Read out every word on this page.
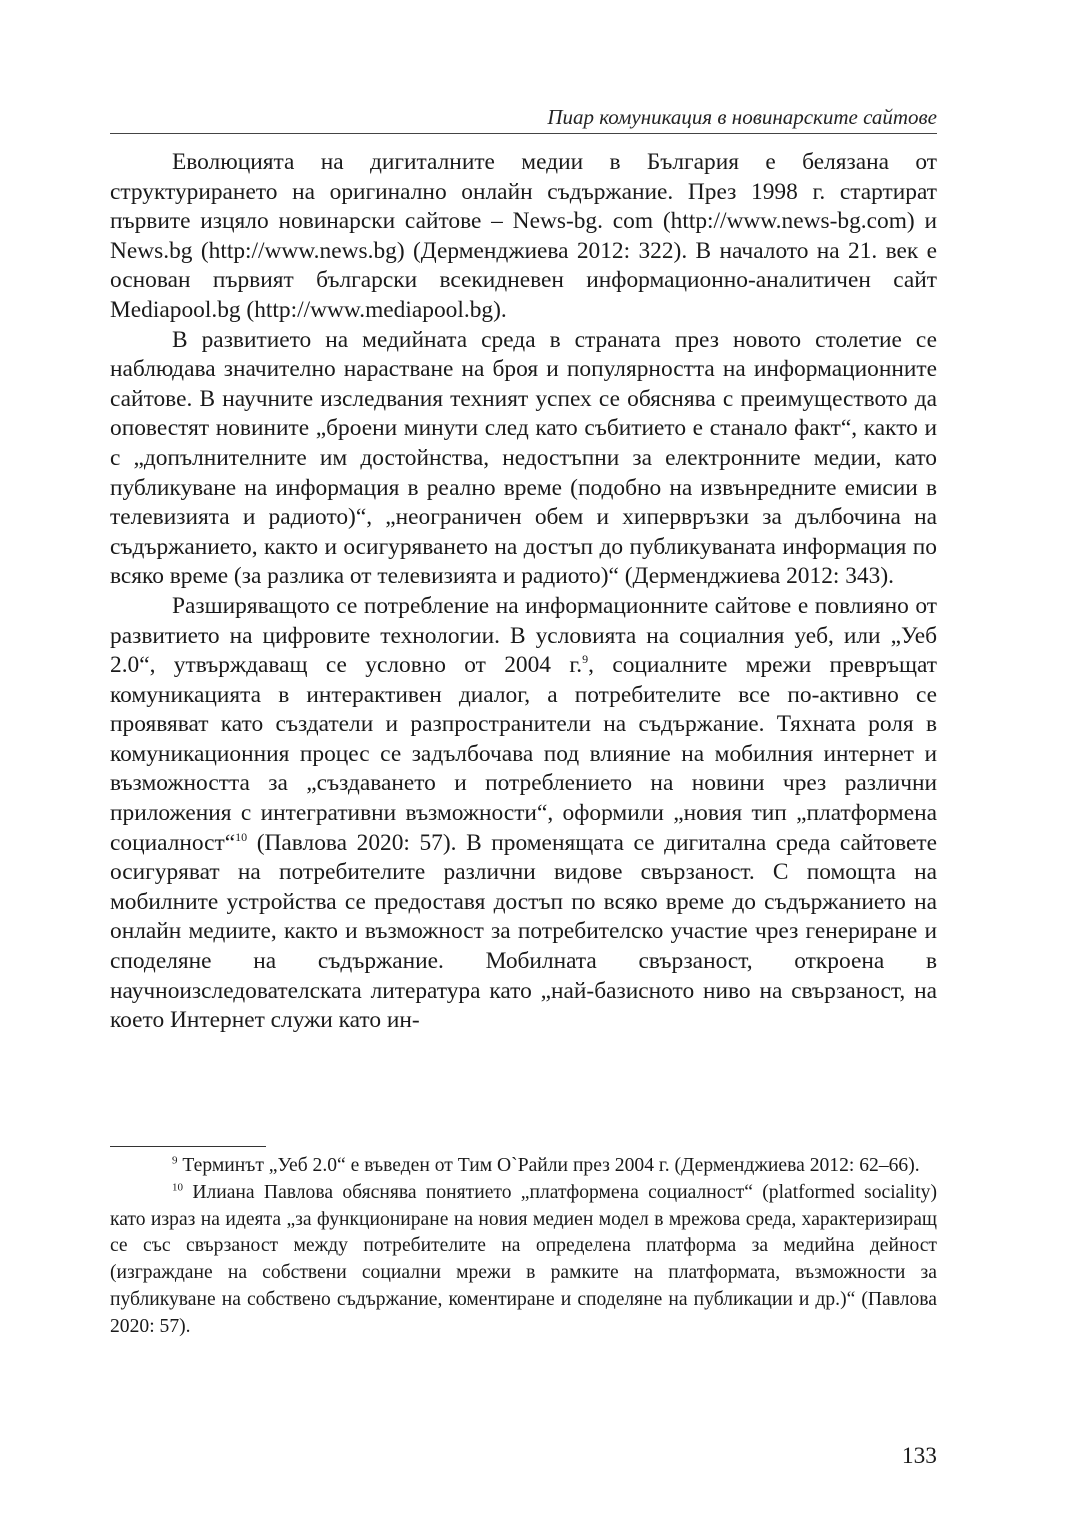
Пиар комуникация в новинарските сайтове

Еволюцията на дигиталните медии в България е белязана от структурирането на оригинално онлайн съдържание. През 1998 г. стартират първите изцяло новинарски сайтове – News-bg. com (http://www.news-bg.com) и News.bg (http://www.news.bg) (Дерменджиева 2012: 322). В началото на 21. век е основан първият български всекидневен информационно-аналитичен сайт Mediapool.bg (http://www.mediapool.bg).

В развитието на медийната среда в страната през новото столетие се наблюдава значително нарастване на броя и популярността на информационните сайтове. В научните изследвания техният успех се обяснява с преимуществото да оповестят новините „броени минути след като събитието е станало факт“, както и с „допълнителните им достойнства, недостъпни за електронните медии, като публикуване на информация в реално време (подобно на извънредните емисии в телевизията и радиото)“, „неограничен обем и хипервръзки за дълбочина на съдържанието, както и осигуряването на достъп до публикуваната информация по всяко време (за разлика от телевизията и радиото)“ (Дерменджиева 2012: 343).

Разширяващото се потребление на информационните сайтове е повлияно от развитието на цифровите технологии. В условията на социалния уеб, или „Уеб 2.0“, утвърждаващ се условно от 2004 г.$^9$, социалните мрежи превръщат комуникацията в интерактивен диалог, а потребителите все по-активно се проявяват като създатели и разпространители на съдържание. Тяхната роля в комуникационния процес се задълбочава под влияние на мобилния интернет и възможността за „създаването и потреблението на новини чрез различни приложения с интегративни възможности“, оформили „новия тип „платформена социалност“$^{10}$ (Павлова 2020: 57). В променящата се дигитална среда сайтовете осигуряват на потребителите различни видове свързаност. С помощта на мобилните устройства се предоставя достъп по всяко време до съдържанието на онлайн медиите, както и възможност за потребителско участие чрез генериране и споделяне на съдържание. Мобилната свързаност, откроена в научноизследователската литература като „най-базисното ниво на свързаност, на което Интернет служи като ин-

$^9$ Терминът „Уеб 2.0“ е въведен от Тим О`Райли през 2004 г. (Дерменджиева 2012: 62–66).

$^{10}$ Илиана Павлова обяснява понятието „платформена социалност“ (platformed sociality) като израз на идеята „за функциониране на новия медиен модел в мрежова среда, характеризиращ се със свързаност между потребителите на определена платформа за медийна дейност (изграждане на собствени социални мрежи в рамките на платформата, възможности за публикуване на собствено съдържание, коментиране и споделяне на публикации и др.)“ (Павлова 2020: 57).

133
